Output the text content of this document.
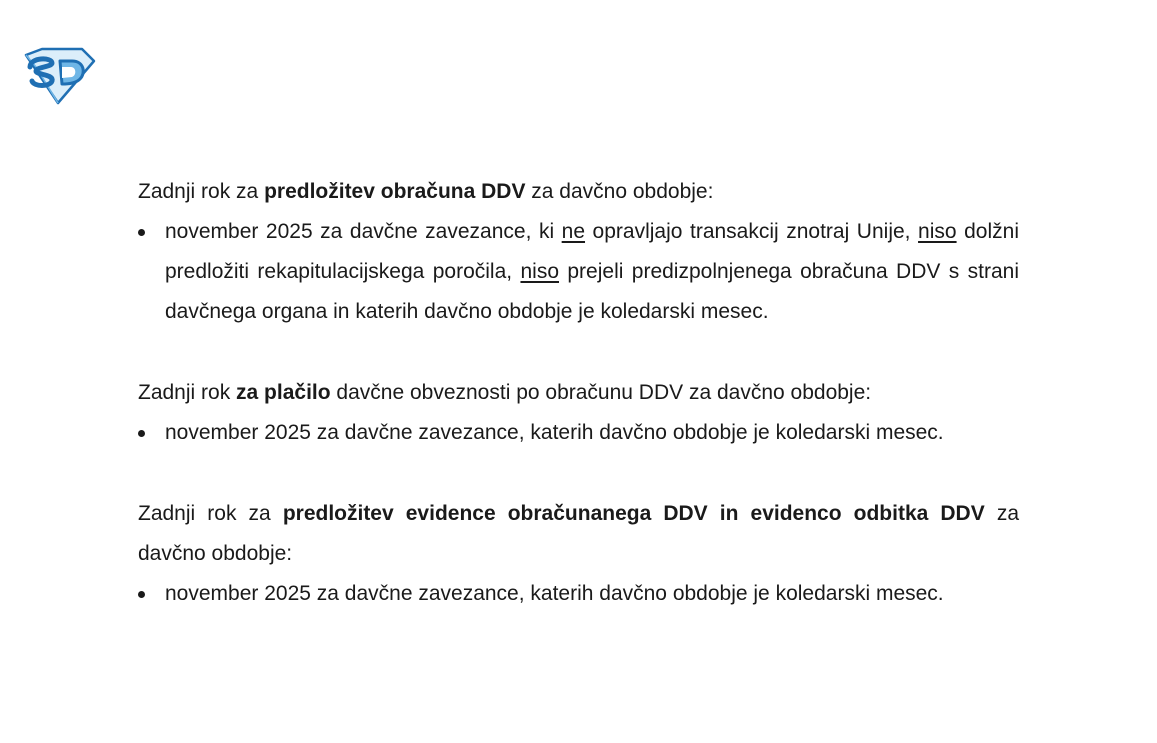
Zadnji rok za predložitev obračuna DDV za davčno obdobje:

november 2025 za davčne zavezance, ki ne opravljajo transakcij znotraj Unije, niso dolžni predložiti rekapitulacijskega poročila, niso prejeli predizpolnjenega obračuna DDV s strani davčnega organa in katerih davčno obdobje je koledarski mesec.

Zadnji rok za plačilo davčne obveznosti po obračunu DDV za davčno obdobje:

november 2025 za davčne zavezance, katerih davčno obdobje je koledarski mesec.

Zadnji rok za predložitev evidence obračunanega DDV in evidenco odbitka DDV za davčno obdobje:

november 2025 za davčne zavezance, katerih davčno obdobje je koledarski mesec.
